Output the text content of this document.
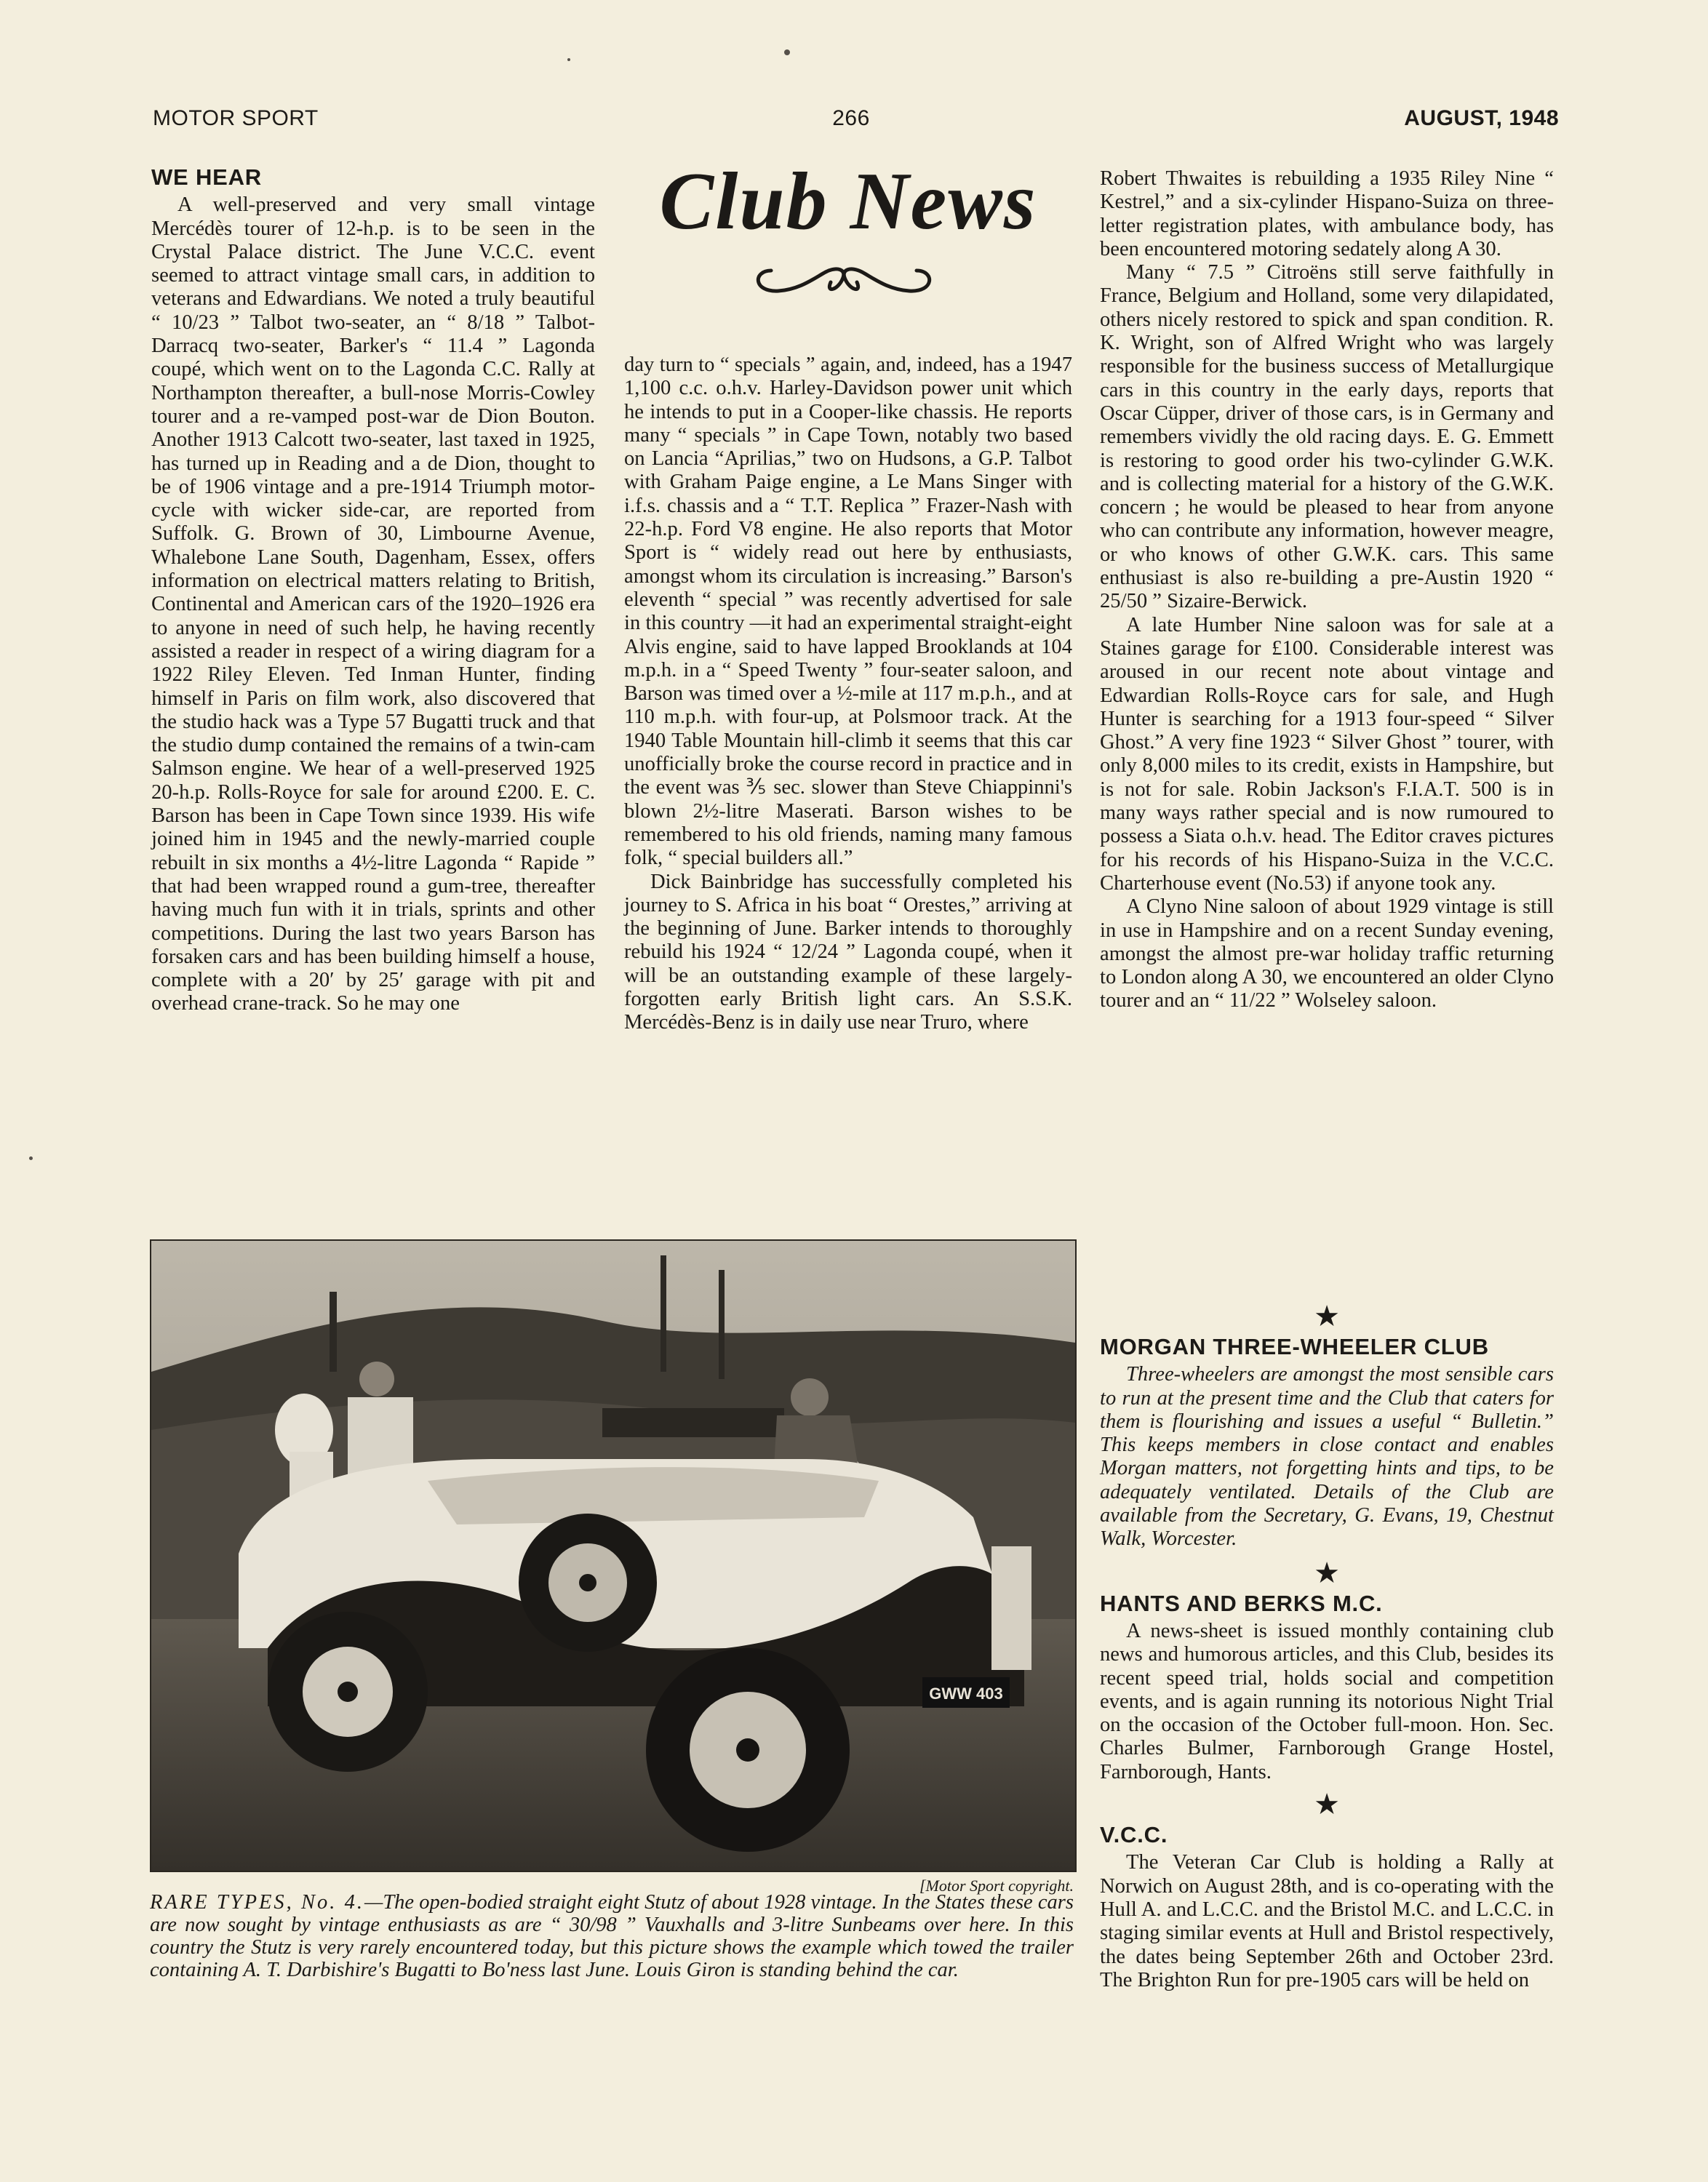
MOTOR SPORT	266	AUGUST, 1948
WE HEAR

A well-preserved and very small vintage Mercédès tourer of 12-h.p. is to be seen in the Crystal Palace district. The June V.C.C. event seemed to attract vintage small cars, in addition to veterans and Edwardians. We noted a truly beautiful “ 10/23 ” Talbot two-seater, an “ 8/18 ” Talbot-Darracq two-seater, Barker's “ 11.4 ” Lagonda coupé, which went on to the Lagonda C.C. Rally at Northampton thereafter, a bull-nose Morris-Cowley tourer and a re-vamped post-war de Dion Bouton. Another 1913 Calcott two-seater, last taxed in 1925, has turned up in Reading and a de Dion, thought to be of 1906 vintage and a pre-1914 Triumph motor-cycle with wicker side-car, are reported from Suffolk. G. Brown of 30, Limbourne Avenue, Whalebone Lane South, Dagenham, Essex, offers information on electrical matters relating to British, Continental and American cars of the 1920–1926 era to anyone in need of such help, he having recently assisted a reader in respect of a wiring diagram for a 1922 Riley Eleven. Ted Inman Hunter, finding himself in Paris on film work, also discovered that the studio hack was a Type 57 Bugatti truck and that the studio dump contained the remains of a twin-cam Salmson engine. We hear of a well-preserved 1925 20-h.p. Rolls-Royce for sale for around £200. E. C. Barson has been in Cape Town since 1939. His wife joined him in 1945 and the newly-married couple rebuilt in six months a 4½-litre Lagonda “ Rapide ” that had been wrapped round a gum-tree, thereafter having much fun with it in trials, sprints and other competitions. During the last two years Barson has forsaken cars and has been building himself a house, complete with a 20′ by 25′ garage with pit and overhead crane-track. So he may one

Club News

day turn to “ specials ” again, and, indeed, has a 1947 1,100 c.c. o.h.v. Harley-Davidson power unit which he intends to put in a Cooper-like chassis. He reports many “ specials ” in Cape Town, notably two based on Lancia “Aprilias,” two on Hudsons, a G.P. Talbot with Graham Paige engine, a Le Mans Singer with i.f.s. chassis and a “ T.T. Replica ” Frazer-Nash with 22-h.p. Ford V8 engine. He also reports that Motor Sport is “ widely read out here by enthusiasts, amongst whom its circulation is increasing.” Barson's eleventh “ special ” was recently advertised for sale in this country —it had an experimental straight-eight Alvis engine, said to have lapped Brooklands at 104 m.p.h. in a “ Speed Twenty ” four-seater saloon, and Barson was timed over a ½-mile at 117 m.p.h., and at 110 m.p.h. with four-up, at Polsmoor track. At the 1940 Table Mountain hill-climb it seems that this car unofficially broke the course record in practice and in the event was ⅗ sec. slower than Steve Chiappinni's blown 2½-litre Maserati. Barson wishes to be remembered to his old friends, naming many famous folk, “ special builders all.”

Dick Bainbridge has successfully completed his journey to S. Africa in his boat “ Orestes,” arriving at the beginning of June. Barker intends to thoroughly rebuild his 1924 “ 12/24 ” Lagonda coupé, when it will be an outstanding example of these largely-forgotten early British light cars. An S.S.K. Mercédès-Benz is in daily use near Truro, where

Robert Thwaites is rebuilding a 1935 Riley Nine “ Kestrel,” and a six-cylinder Hispano-Suiza on three-letter registration plates, with ambulance body, has been encountered motoring sedately along A 30.

Many “ 7.5 ” Citroëns still serve faithfully in France, Belgium and Holland, some very dilapidated, others nicely restored to spick and span condition. R. K. Wright, son of Alfred Wright who was largely responsible for the business success of Metallurgique cars in this country in the early days, reports that Oscar Cüpper, driver of those cars, is in Germany and remembers vividly the old racing days. E. G. Emmett is restoring to good order his two-cylinder G.W.K. and is collecting material for a history of the G.W.K. concern ; he would be pleased to hear from anyone who can contribute any information, however meagre, or who knows of other G.W.K. cars. This same enthusiast is also re-building a pre-Austin 1920 “ 25/50 ” Sizaire-Berwick.

A late Humber Nine saloon was for sale at a Staines garage for £100. Considerable interest was aroused in our recent note about vintage and Edwardian Rolls-Royce cars for sale, and Hugh Hunter is searching for a 1913 four-speed “ Silver Ghost.” A very fine 1923 “ Silver Ghost ” tourer, with only 8,000 miles to its credit, exists in Hampshire, but is not for sale. Robin Jackson's F.I.A.T. 500 is in many ways rather special and is now rumoured to possess a Siata o.h.v. head. The Editor craves pictures for his records of his Hispano-Suiza in the V.C.C. Charterhouse event (No.53) if anyone took any.

A Clyno Nine saloon of about 1929 vintage is still in use in Hampshire and on a recent Sunday evening, amongst the almost pre-war holiday traffic returning to London along A 30, we encountered an older Clyno tourer and an “ 11/22 ” Wolseley saloon.

★
MORGAN THREE-WHEELER CLUB

Three-wheelers are amongst the most sensible cars to run at the present time and the Club that caters for them is flourishing and issues a useful “ Bulletin.” This keeps members in close contact and enables Morgan matters, not forgetting hints and tips, to be adequately ventilated. Details of the Club are available from the Secretary, G. Evans, 19, Chestnut Walk, Worcester.

★
HANTS AND BERKS M.C.

A news-sheet is issued monthly containing club news and humorous articles, and this Club, besides its recent speed trial, holds social and competition events, and is again running its notorious Night Trial on the occasion of the October full-moon. Hon. Sec. Charles Bulmer, Farnborough Grange Hostel, Farnborough, Hants.

★
V.C.C.

The Veteran Car Club is holding a Rally at Norwich on August 28th, and is co-operating with the Hull A. and L.C.C. and the Bristol M.C. and L.C.C. in staging similar events at Hull and Bristol respectively, the dates being September 26th and October 23rd. The Brighton Run for pre-1905 cars will be held on

GWW 403
[Motor Sport copyright.
RARE TYPES, No. 4.—The open-bodied straight eight Stutz of about 1928 vintage. In the States these cars are now sought by vintage enthusiasts as are “ 30/98 ” Vauxhalls and 3-litre Sunbeams over here. In this country the Stutz is very rarely encountered today, but this picture shows the example which towed the trailer containing A. T. Darbishire's Bugatti to Bo'ness last June. Louis Giron is standing behind the car.
